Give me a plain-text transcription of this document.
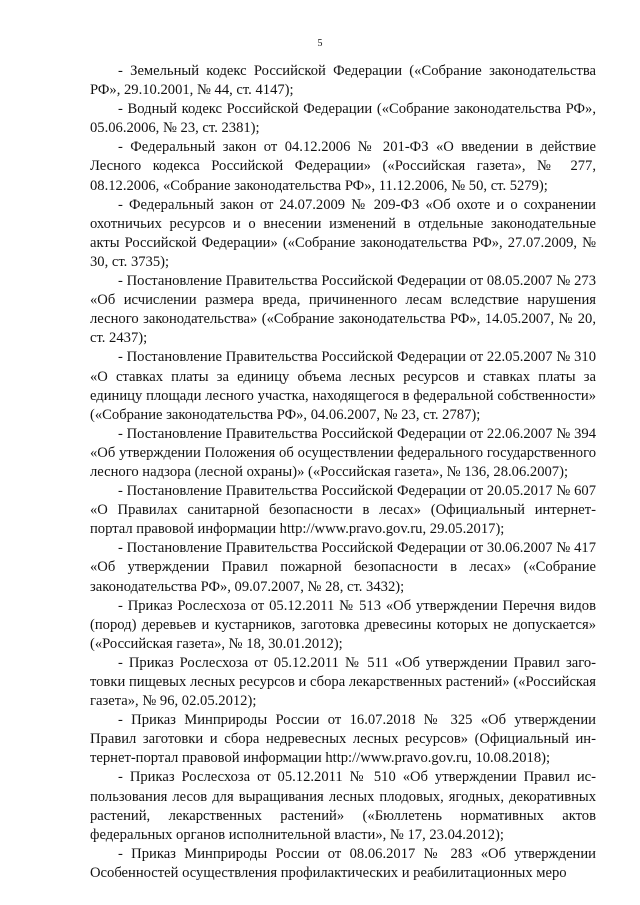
5

- Земельный кодекс Российской Федерации («Собрание законодательства РФ», 29.10.2001, № 44, ст. 4147);

- Водный кодекс Российской Федерации («Собрание законодательства РФ», 05.06.2006, № 23, ст. 2381);

- Федеральный закон от 04.12.2006 № 201-ФЗ «О введении в действие Лесного кодекса Российской Федерации» («Российская газета», № 277, 08.12.2006, «Собрание законодательства РФ», 11.12.2006, № 50, ст. 5279);

- Федеральный закон от 24.07.2009 № 209-ФЗ «Об охоте и о сохранении охотничьих ресурсов и о внесении изменений в отдельные законодательные акты Российской Федерации» («Собрание законодательства РФ», 27.07.2009, № 30, ст. 3735);

- Постановление Правительства Российской Федерации от 08.05.2007 № 273 «Об исчислении размера вреда, причиненного лесам вследствие нарушения лесного законодательства» («Собрание законодательства РФ», 14.05.2007, № 20, ст. 2437);

- Постановление Правительства Российской Федерации от 22.05.2007 № 310 «О ставках платы за единицу объема лесных ресурсов и ставках платы за единицу площади лесного участка, находящегося в федеральной собственности» («Собрание законодательства РФ», 04.06.2007, № 23, ст. 2787);

- Постановление Правительства Российской Федерации от 22.06.2007 № 394 «Об утверждении Положения об осуществлении федерального государственного лесного надзора (лесной охраны)» («Российская газета», № 136, 28.06.2007);

- Постановление Правительства Российской Федерации от 20.05.2017 № 607 «О Правилах санитарной безопасности в лесах» (Официальный интернет-портал правовой информации http://www.pravo.gov.ru, 29.05.2017);

- Постановление Правительства Российской Федерации от 30.06.2007 № 417 «Об утверждении Правил пожарной безопасности в лесах» («Собрание законодательства РФ», 09.07.2007, № 28, ст. 3432);

- Приказ Рослесхоза от 05.12.2011 № 513 «Об утверждении Перечня видов (пород) деревьев и кустарников, заготовка древесины которых не допускается» («Российская газета», № 18, 30.01.2012);

- Приказ Рослесхоза от 05.12.2011 № 511 «Об утверждении Правил заготовки пищевых лесных ресурсов и сбора лекарственных растений» («Российская газета», № 96, 02.05.2012);

- Приказ Минприроды России от 16.07.2018 № 325 «Об утверждении Правил заготовки и сбора недревесных лесных ресурсов» (Официальный интернет-портал правовой информации http://www.pravo.gov.ru, 10.08.2018);

- Приказ Рослесхоза от 05.12.2011 № 510 «Об утверждении Правил использования лесов для выращивания лесных плодовых, ягодных, декоративных растений, лекарственных растений» («Бюллетень нормативных актов федеральных органов исполнительной власти», № 17, 23.04.2012);

- Приказ Минприроды России от 08.06.2017 № 283 «Об утверждении Особенностей осуществления профилактических и реабилитационных меро
